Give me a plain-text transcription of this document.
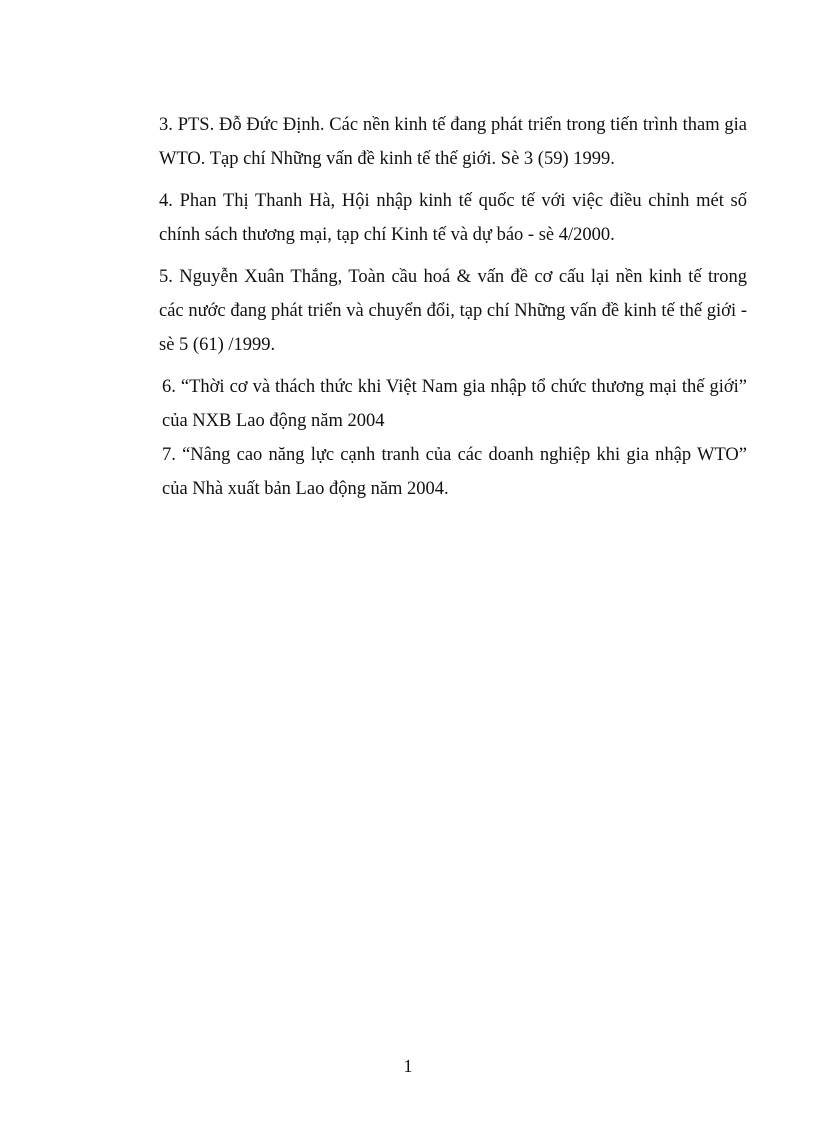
3. PTS. Đỗ Đức Định. Các nền kinh tế đang phát triển trong tiến trình tham gia WTO. Tạp chí Những vấn đề kinh tế thế giới. Sè 3 (59) 1999.

4. Phan Thị Thanh Hà, Hội nhập kinh tế quốc tế với việc điều chỉnh mét số chính sách thương mại, tạp chí Kinh tế và dự báo - sè 4/2000.

5. Nguyễn Xuân Thắng, Toàn cầu hoá & vấn đề cơ cấu lại nền kinh tế trong các nước đang phát triển và chuyển đổi, tạp chí Những vấn đề kinh tế thế giới - sè 5 (61) /1999.

6. “Thời cơ và thách thức khi Việt Nam gia nhập tổ chức thương mại thế giới” của NXB Lao động năm 2004

7. “Nâng cao năng lực cạnh tranh của các doanh nghiệp khi gia nhập WTO” của Nhà xuất bản Lao động năm 2004.

1
